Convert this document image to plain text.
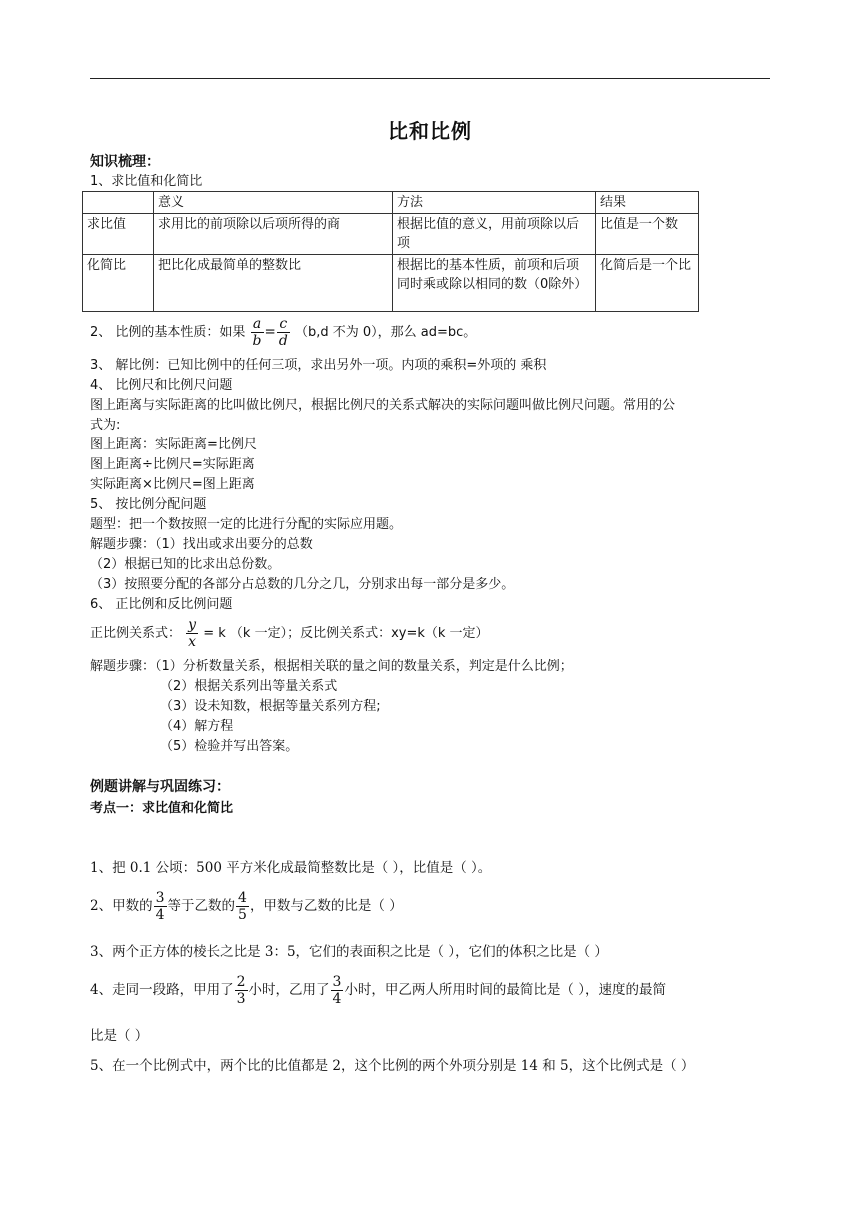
比和比例
知识梳理：
1、求比值和化简比
	意义	方法	结果
求比值	求用比的前项除以后项所得的商	根据比值的意义，用前项除以后项	比值是一个数
化简比	把比化成最简单的整数比	根据比的基本性质，前项和后项同时乘或除以相同的数（0除外）	化简后是一个比
2、 比例的基本性质：如果 $\frac{a}{b} = \frac{c}{d} (b,d$ 不为 0），那么 ad=bc。
3、 解比例：已知比例中的任何三项，求出另外一项。内项的乘积=外项的 乘积
4、 比例尺和比例尺问题
图上距离与实际距离的比叫做比例尺，根据比例尺的关系式解决的实际问题叫做比例尺问题。常用的公
式为:
图上距离：实际距离=比例尺
图上距离÷比例尺=实际距离
实际距离×比例尺=图上距离
5、 按比例分配问题
题型：把一个数按照一定的比进行分配的实际应用题。
解题步骤：（1）找出或求出要分的总数
（2）根据已知的比求出总份数。
（3）按照要分配的各部分占总数的几分之几，分别求出每一部分是多少。
6、 正比例和反比例问题
正比例关系式： $\frac{y}{x} = k$ （k 一定）；反比例关系式：xy=k（k 一定）
解题步骤：（1）分析数量关系，根据相关联的量之间的数量关系，判定是什么比例；
（2）根据关系列出等量关系式
（3）设未知数，根据等量关系列方程;
（4）解方程
（5）检验并写出答案。
例题讲解与巩固练习：
考点一：求比值和化简比
1、把 0.1 公顷：500 平方米化成最简整数比是（ ），比值是（ ）。
2、甲数的 $\frac{3}{4}$ 等于乙数的 $\frac{4}{5}$ ，甲数与乙数的比是（ ）
3、两个正方体的棱长之比是 3：5，它们的表面积之比是（ ），它们的体积之比是（ ）
4、走同一段路，甲用了 $\frac{2}{3}$ 小时，乙用了 $\frac{3}{4}$ 小时，甲乙两人所用时间的最简比是（ ），速度的最简
比是（ ）
5、在一个比例式中，两个比的比值都是 2，这个比例的两个外项分别是 14 和 5，这个比例式是（ ）
